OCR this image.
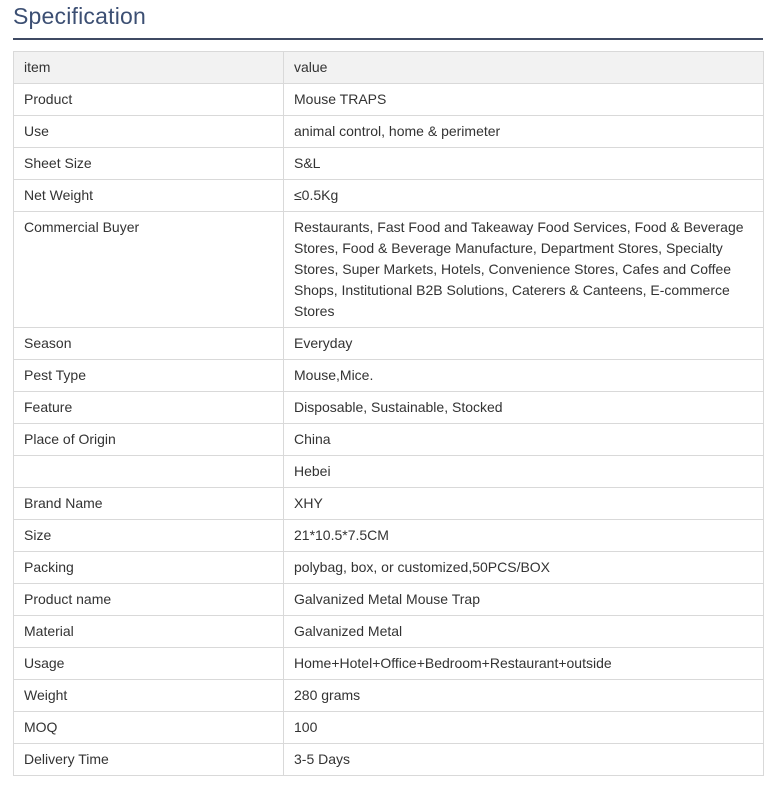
Specification
item	value
Product	Mouse TRAPS
Use	animal control, home & perimeter
Sheet Size	S&L
Net Weight	≤0.5Kg
Commercial Buyer	Restaurants, Fast Food and Takeaway Food Services, Food & Beverage Stores, Food & Beverage Manufacture, Department Stores, Specialty Stores, Super Markets, Hotels, Convenience Stores, Cafes and Coffee Shops, Institutional B2B Solutions, Caterers & Canteens, E-commerce Stores
Season	Everyday
Pest Type	Mouse,Mice.
Feature	Disposable, Sustainable, Stocked
Place of Origin	China
	Hebei
Brand Name	XHY
Size	21*10.5*7.5CM
Packing	polybag, box, or customized,50PCS/BOX
Product name	Galvanized Metal Mouse Trap
Material	Galvanized Metal
Usage	Home+Hotel+Office+Bedroom+Restaurant+outside
Weight	280 grams
MOQ	100
Delivery Time	3-5 Days
